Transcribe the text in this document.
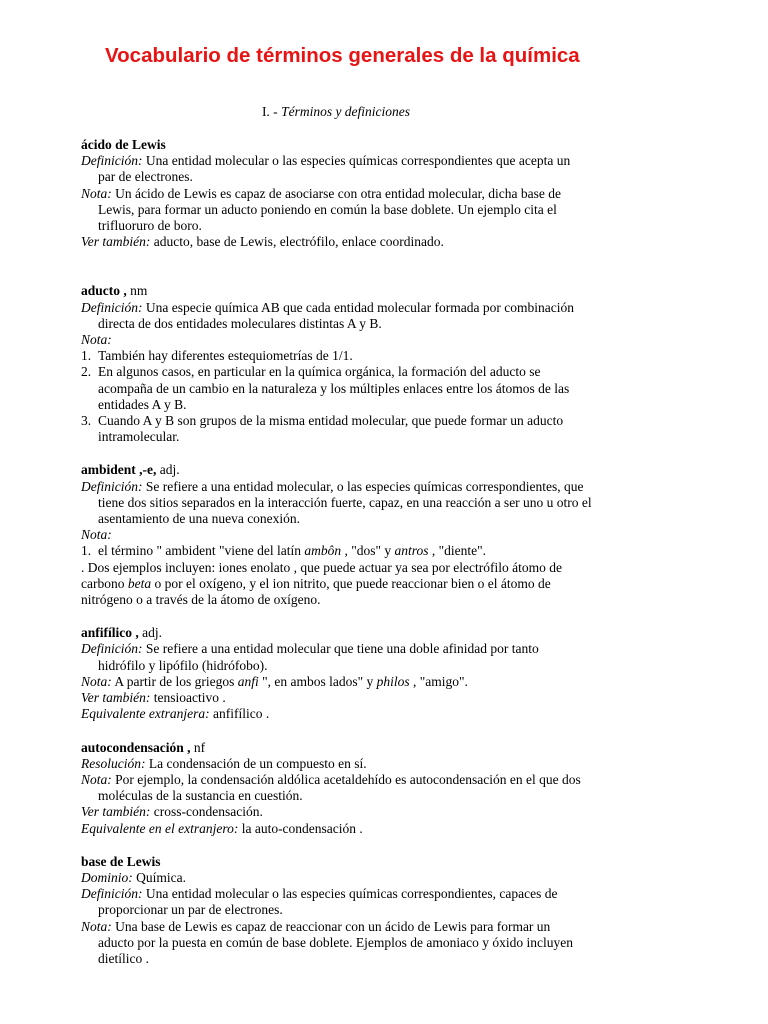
Vocabulario de términos generales de la química
I. - Términos y definiciones

ácido de Lewis

Definición: Una entidad molecular o las especies químicas correspondientes que acepta un par de electrones.

Nota: Un ácido de Lewis es capaz de asociarse con otra entidad molecular, dicha base de Lewis, para formar un aducto poniendo en común la base doblete. Un ejemplo cita el trifluoruro de boro.

Ver también: aducto, base de Lewis, electrófilo, enlace coordinado.

aducto , nm

Definición: Una especie química AB que cada entidad molecular formada por combinación directa de dos entidades moleculares distintas A y B.

Nota:

1. También hay diferentes estequiometrías de 1/1.

2. En algunos casos, en particular en la química orgánica, la formación del aducto se acompaña de un cambio en la naturaleza y los múltiples enlaces entre los átomos de las entidades A y B.

3. Cuando A y B son grupos de la misma entidad molecular, que puede formar un aducto intramolecular.

ambident ,-e, adj.

Definición: Se refiere a una entidad molecular, o las especies químicas correspondientes, que tiene dos sitios separados en la interacción fuerte, capaz, en una reacción a ser uno u otro el asentamiento de una nueva conexión.

Nota:

1. el término " ambident "viene del latín ambôn , "dos" y antros , "diente".

. Dos ejemplos incluyen: iones enolato , que puede actuar ya sea por electrófilo átomo de carbono beta o por el oxígeno, y el ion nitrito, que puede reaccionar bien o el átomo de nitrógeno o a través de la átomo de oxígeno.

anfifílico , adj.

Definición: Se refiere a una entidad molecular que tiene una doble afinidad por tanto hidrófilo y lipófilo (hidrófobo).

Nota: A partir de los griegos anfi ", en ambos lados" y philos , "amigo".

Ver también: tensioactivo .

Equivalente extranjera: anfifílico .

autocondensación , nf

Resolución: La condensación de un compuesto en sí.

Nota: Por ejemplo, la condensación aldólica acetaldehído es autocondensación en el que dos moléculas de la sustancia en cuestión.

Ver también: cross-condensación.

Equivalente en el extranjero: la auto-condensación .

base de Lewis

Dominio: Química.

Definición: Una entidad molecular o las especies químicas correspondientes, capaces de proporcionar un par de electrones.

Nota: Una base de Lewis es capaz de reaccionar con un ácido de Lewis para formar un aducto por la puesta en común de base doblete. Ejemplos de amoniaco y óxido incluyen dietílico .
